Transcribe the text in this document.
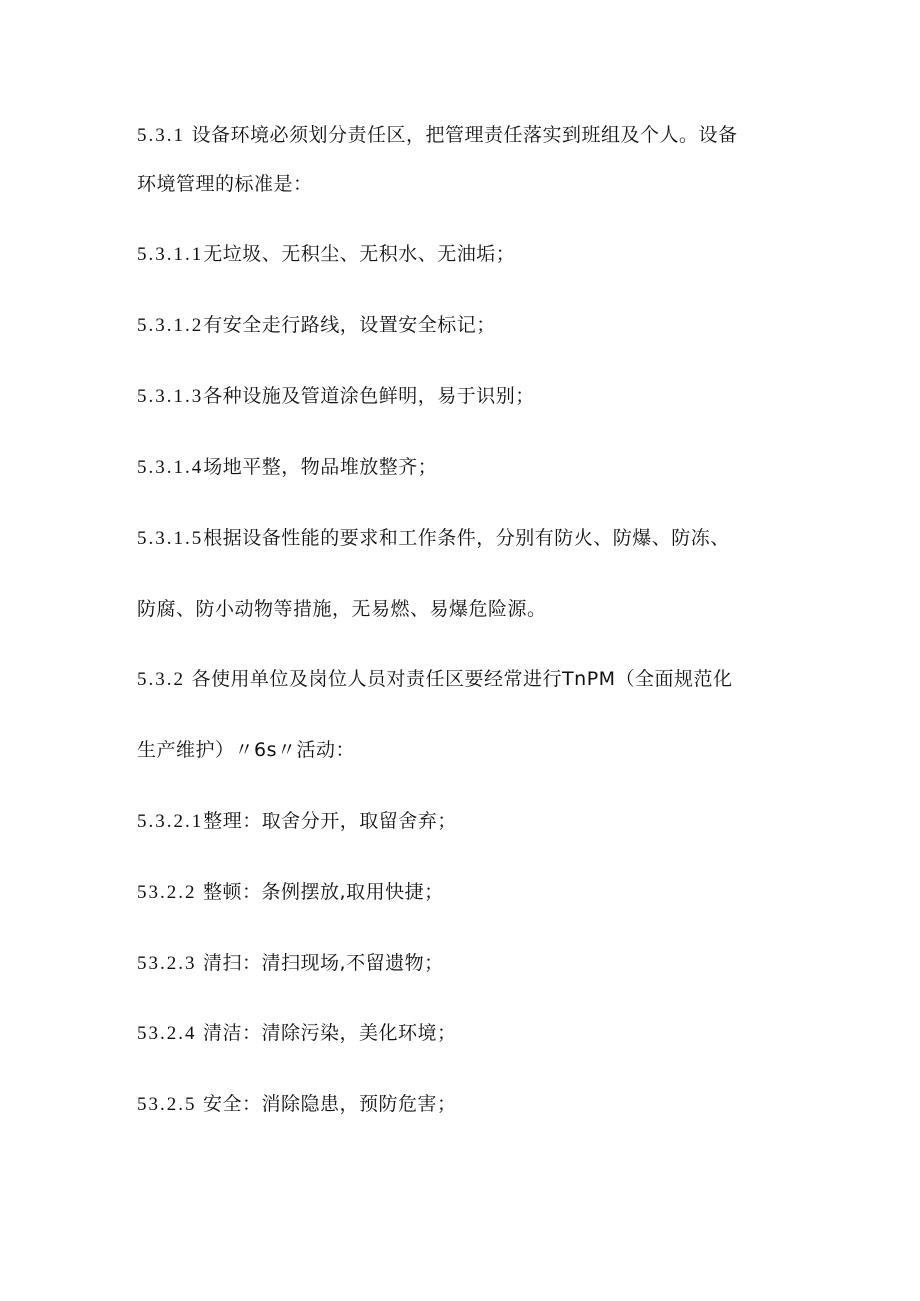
5.3.1 设备环境必须划分责任区，把管理责任落实到班组及个人。设备
环境管理的标准是：
5.3.1.1无垃圾、无积尘、无积水、无油垢；
5.3.1.2有安全走行路线，设置安全标记；
5.3.1.3各种设施及管道涂色鲜明，易于识别；
5.3.1.4场地平整，物品堆放整齐；
5.3.1.5根据设备性能的要求和工作条件，分别有防火、防爆、防冻、
防腐、防小动物等措施，无易燃、易爆危险源。
5.3.2 各使用单位及岗位人员对责任区要经常进行TnPM（全面规范化
生产维护）〃6s〃活动：
5.3.2.1整理：取舍分开，取留舍弃；
53.2.2 整顿：条例摆放,取用快捷；
53.2.3 清扫：清扫现场,不留遗物；
53.2.4 清洁：清除污染，美化环境；
53.2.5 安全：消除隐患，预防危害；
